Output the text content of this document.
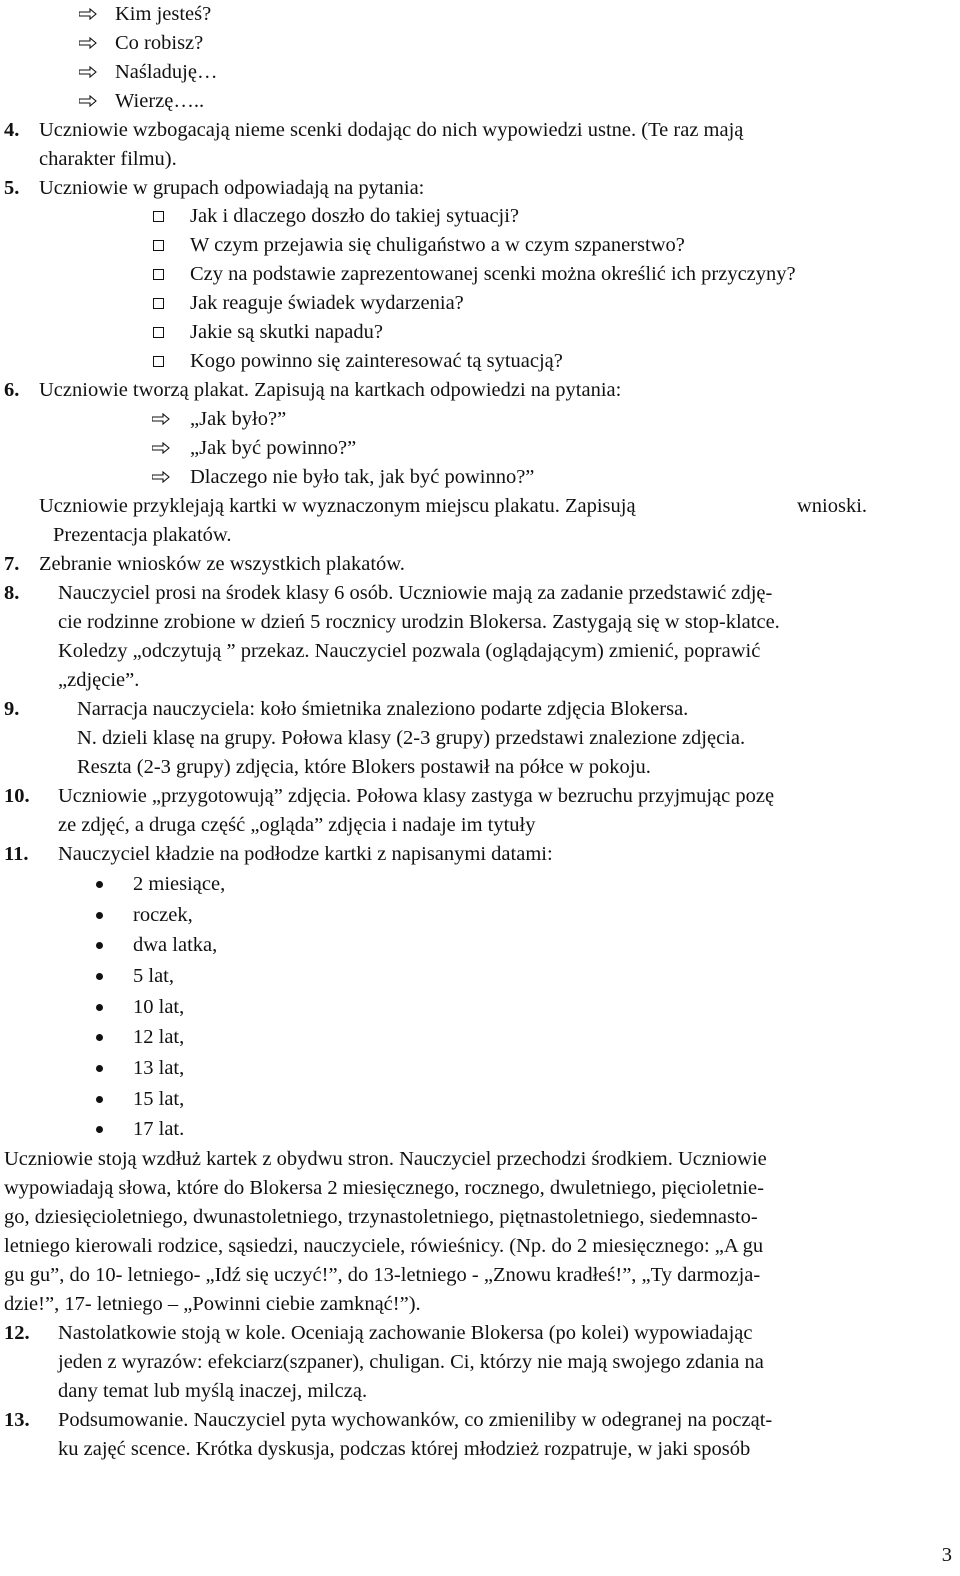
Kim jesteś?
Co robisz?
Naśladuję…
Wierzę…..
4. Uczniowie wzbogacają nieme scenki dodając do nich wypowiedzi ustne. (Te raz mają
charakter filmu).
5. Uczniowie w grupach odpowiadają na pytania:
Jak i dlaczego doszło do takiej sytuacji?
W czym przejawia się chuligaństwo a w czym szpanerstwo?
Czy na podstawie zaprezentowanej scenki można określić ich przyczyny?
Jak reaguje świadek wydarzenia?
Jakie są skutki napadu?
Kogo powinno się zainteresować tą sytuacją?
6. Uczniowie tworzą plakat. Zapisują na kartkach odpowiedzi na pytania:
„Jak było?”
„Jak być powinno?”
Dlaczego nie było tak, jak być powinno?”
Uczniowie przyklejają kartki w wyznaczonym miejscu plakatu. Zapisują	wnioski.
Prezentacja plakatów.
7. Zebranie wniosków ze wszystkich plakatów.
8. Nauczyciel prosi na środek klasy 6 osób. Uczniowie mają za zadanie przedstawić zdję-
cie rodzinne zrobione w dzień 5 rocznicy urodzin Blokersa. Zastygają się w stop-klatce.
Koledzy „odczytują ” przekaz. Nauczyciel pozwala (oglądającym) zmienić, poprawić
„zdjęcie”.
9.	Narracja nauczyciela: koło śmietnika znaleziono podarte zdjęcia Blokersa.
N. dzieli klasę na grupy. Połowa klasy (2-3 grupy) przedstawi znalezione zdjęcia.
Reszta (2-3 grupy) zdjęcia, które Blokers postawił na półce w pokoju.
10. Uczniowie „przygotowują” zdjęcia. Połowa klasy zastyga w bezruchu przyjmując pozę
ze zdjęć, a druga część „ogląda” zdjęcia i nadaje im tytuły
11. Nauczyciel kładzie na podłodze kartki z napisanymi datami:
2 miesiące,
roczek,
dwa latka,
5 lat,
10 lat,
12 lat,
13 lat,
15 lat,
17 lat.
Uczniowie stoją wzdłuż kartek z obydwu stron. Nauczyciel przechodzi środkiem. Uczniowie
wypowiadają słowa, które do Blokersa 2 miesięcznego, rocznego, dwuletniego, pięcioletnie-
go, dziesięcioletniego, dwunastoletniego, trzynastoletniego, piętnastoletniego, siedemnasto-
letniego kierowali rodzice, sąsiedzi, nauczyciele, rówieśnicy. (Np. do 2 miesięcznego: „A gu
gu gu”, do 10- letniego- „Idź się uczyć!”, do 13-letniego - „Znowu kradłeś!”, „Ty darmozja-
dzie!”, 17- letniego – „Powinni ciebie zamknąć!”).
12. Nastolatkowie stoją w kole. Oceniają zachowanie Blokersa (po kolei) wypowiadając
jeden z wyrazów: efekciarz(szpaner), chuligan. Ci, którzy nie mają swojego zdania na
dany temat lub myślą inaczej, milczą.
13. Podsumowanie. Nauczyciel pyta wychowanków, co zmieniliby w odegranej na począt-
ku zajęć scence. Krótka dyskusja, podczas której młodzież rozpatruje, w jaki sposób
3
